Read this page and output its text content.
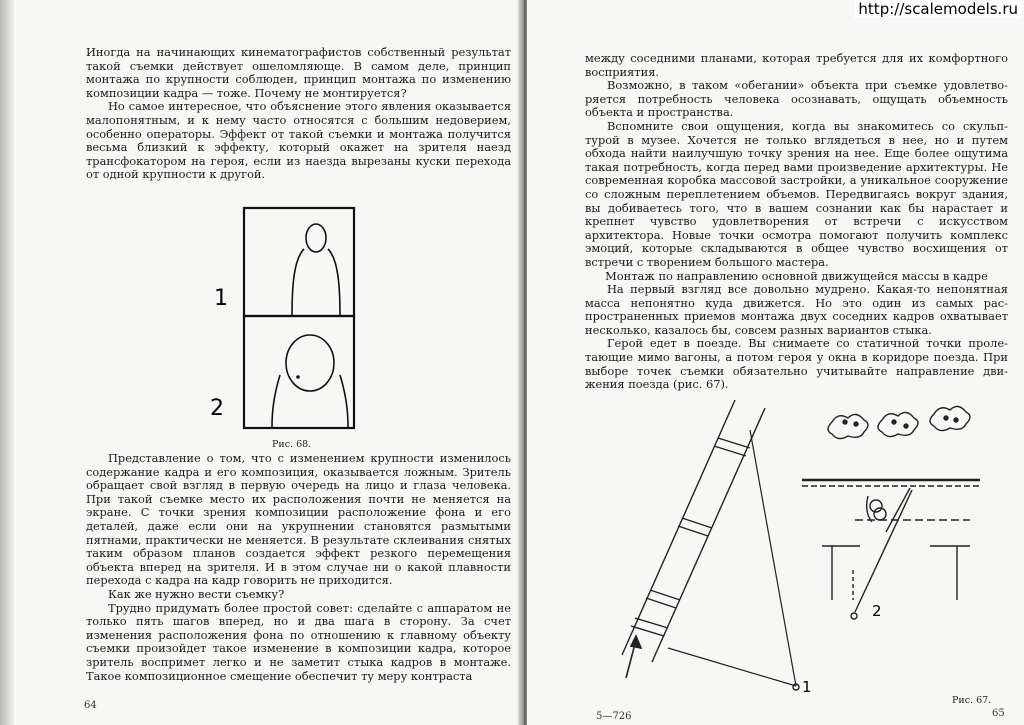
Иногда на начинающих кинематографистов собственный результат такой съемки действует ошеломляюще. В самом деле, принцип монтажа по крупности соблюден, принцип монтажа по изменению композиции кадра — тоже. Почему не монтируется?

Но самое интересное, что объяснение этого явления оказывается малопонятным, и к нему часто относятся с большим недоверием, особенно операторы. Эффект от такой съемки и монтажа получится весьма близкий к эффекту, который окажет на зрителя наезд трансфокатором на героя, если из наезда вырезаны куски перехода от одной крупности к другой.

1
2
Рис. 68.

Представление о том, что с изменением крупности изменилось содержание кадра и его композиция, оказывается ложным. Зритель обращает свой взгляд в первую очередь на лицо и глаза человека. При такой съемке место их расположения почти не меняется на экране. С точки зрения композиции расположение фона и его деталей, даже если они на укрупнении становятся размытыми пятнами, практически не меняется. В результате склеивания снятых таким образом планов создается эффект резкого перемещения объекта вперед на зрителя. И в этом случае ни о какой плавности перехода с кадра на кадр говорить не приходится.

Как же нужно вести съемку?

Трудно придумать более простой совет: сделайте с аппаратом не только пять шагов вперед, но и два шага в сторону. За счет изменения расположения фона по отношению к главному объекту съемки произойдет такое изменение в композиции кадра, которое зритель воспримет легко и не заметит стыка кадров в монтаже. Такое композиционное смещение обеспечит ту меру контраста

между соседними планами, которая требуется для их комфортного восприятия.

Возможно, в таком «обегании» объекта при съемке удовлетворяется потребность человека осознавать, ощущать объемность объекта и пространства.

Вспомните свои ощущения, когда вы знакомитесь со скульптурой в музее. Хочется не только вглядеться в нее, но и путем обхода найти наилучшую точку зрения на нее. Еще более ощутима такая потребность, когда перед вами произведение архитектуры. Не современная коробка массовой застройки, а уникальное сооружение со сложным переплетением объемов. Передвигаясь вокруг здания, вы добиваетесь того, что в вашем сознании как бы нарастает и крепнет чувство удовлетворения от встречи с искусством архитектора. Новые точки осмотра помогают получить комплекс эмоций, которые складываются в общее чувство восхищения от встречи с творением большого мастера.

Монтаж по направлению основной движущейся массы в кадре

На первый взгляд все довольно мудрено. Какая-то непонятная масса непонятно куда движется. Но это один из самых распространенных приемов монтажа двух соседних кадров охватывает несколько, казалось бы, совсем разных вариантов стыка.

Герой едет в поезде. Вы снимаете со статичной точки пролетающие мимо вагоны, а потом героя у окна в коридоре поезда. При выборе точек съемки обязательно учитывайте направление движения поезда (рис. 67).

1
2
Рис. 67.
64
5—726	65
http://scalemodels.ru
